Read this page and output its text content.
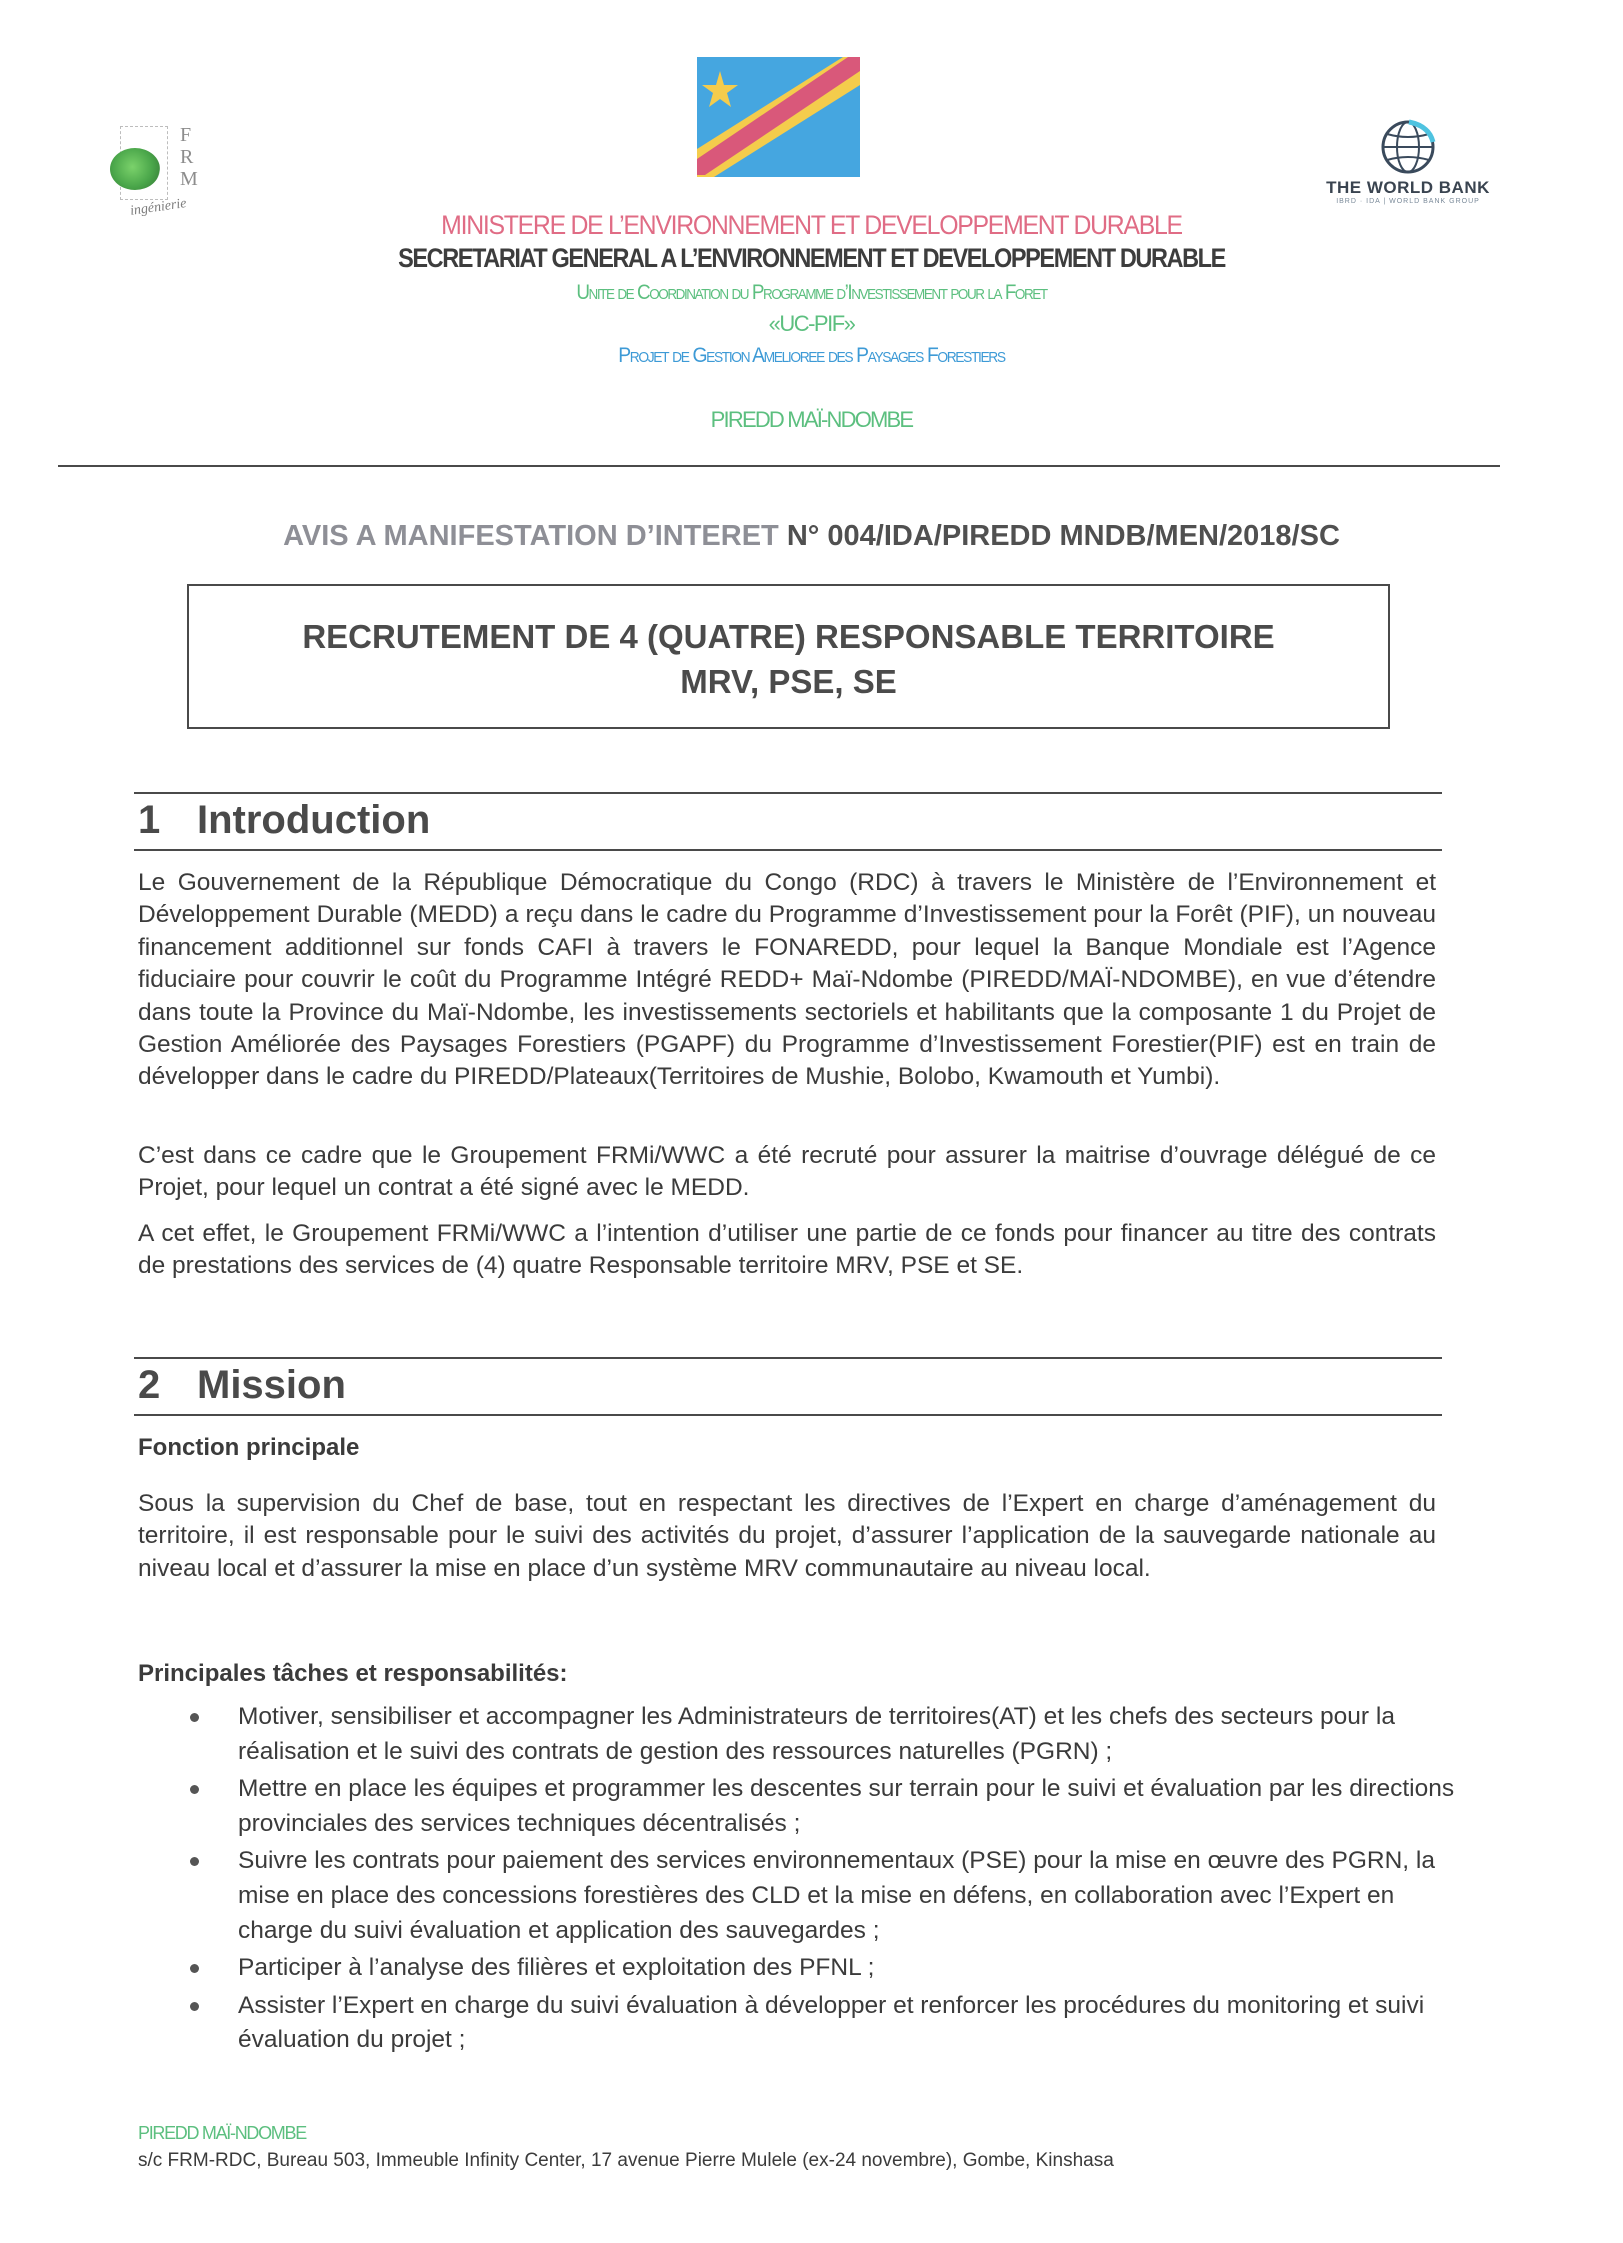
F
R
M
ingénierie
THE WORLD BANK
IBRD · IDA | WORLD BANK GROUP
MINISTERE DE L’ENVIRONNEMENT ET DEVELOPPEMENT DURABLE
SECRETARIAT GENERAL A L’ENVIRONNEMENT ET DEVELOPPEMENT DURABLE
Unite de Coordination du Programme d’Investissement pour la Foret
«UC-PIF»
Projet de Gestion Amelioree des Paysages Forestiers
PIREDD MAÏ-NDOMBE
AVIS A MANIFESTATION D’INTERET N° 004/IDA/PIREDD MNDB/MEN/2018/SC
RECRUTEMENT DE 4 (QUATRE) RESPONSABLE TERRITOIRE
MRV, PSE, SE
1 Introduction
Le Gouvernement de la République Démocratique du Congo (RDC) à travers le Ministère de l’Environnement et Développement Durable (MEDD) a reçu dans le cadre du Programme d’Investissement pour la Forêt (PIF), un nouveau financement additionnel sur fonds CAFI à travers le FONAREDD, pour lequel la Banque Mondiale est l’Agence fiduciaire pour couvrir le coût du Programme Intégré REDD+ Maï-Ndombe (PIREDD/MAÏ-NDOMBE), en vue d’étendre dans toute la Province du Maï-Ndombe, les investissements sectoriels et habilitants que la composante 1 du Projet de Gestion Améliorée des Paysages Forestiers (PGAPF) du Programme d’Investissement Forestier(PIF) est en train de développer dans le cadre du PIREDD/Plateaux(Territoires de Mushie, Bolobo, Kwamouth et Yumbi).
C’est dans ce cadre que le Groupement FRMi/WWC a été recruté pour assurer la maitrise d’ouvrage délégué de ce Projet, pour lequel un contrat a été signé avec le MEDD.
A cet effet, le Groupement FRMi/WWC a l’intention d’utiliser une partie de ce fonds pour financer au titre des contrats de prestations des services de (4) quatre Responsable territoire MRV, PSE et SE.
2 Mission
Fonction principale
Sous la supervision du Chef de base, tout en respectant les directives de l’Expert en charge d’aménagement du territoire, il est responsable pour le suivi des activités du projet, d’assurer l’application de la sauvegarde nationale au niveau local et d’assurer la mise en place d’un système MRV communautaire au niveau local.
Principales tâches et responsabilités:
Motiver, sensibiliser et accompagner les Administrateurs de territoires(AT) et les chefs des secteurs pour la réalisation et le suivi des contrats de gestion des ressources naturelles (PGRN) ;
Mettre en place les équipes et programmer les descentes sur terrain pour le suivi et évaluation par les directions provinciales des services techniques décentralisés ;
Suivre les contrats pour paiement des services environnementaux (PSE) pour la mise en œuvre des PGRN, la mise en place des concessions forestières des CLD et la mise en défens, en collaboration avec l’Expert en charge du suivi évaluation et application des sauvegardes ;
Participer à l’analyse des filières et exploitation des PFNL ;
Assister l’Expert en charge du suivi évaluation à développer et renforcer les procédures du monitoring et suivi évaluation du projet ;
PIREDD MAÏ-NDOMBE
s/c FRM-RDC, Bureau 503, Immeuble Infinity Center, 17 avenue Pierre Mulele (ex-24 novembre), Gombe, Kinshasa
